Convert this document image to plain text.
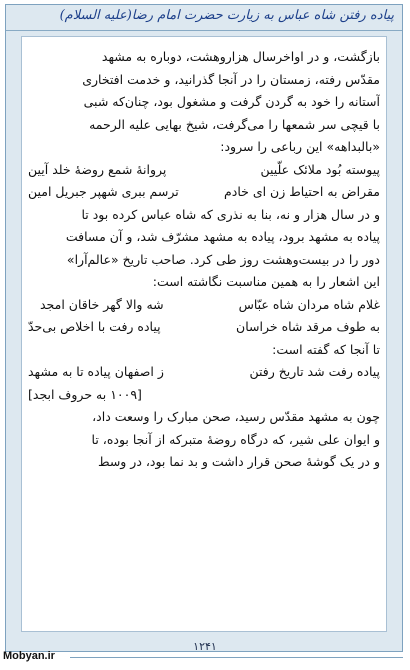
پیاده رفتن شاه عباس به زیارت حضرت امام رضا(علیه السلام)
بازگشت، و در اواخرسال هزاروهشت، دوباره به مشهد
مقدّس رفته، زمستان را در آنجا گذرانید، و خدمت افتخاری
آستانه را خود به گردن گرفت و مشغول بود، چنان‌که شبی
با قیچی سر شمعها را می‌گرفت، شیخ بهایی علیه الرحمه
«بالبداهه» این رباعی را سرود:
پیوسته بُود ملائک علّیین
پروانهٔ شمع روضهٔ خلد آیین
مقراض به احتیاط زن ای خادم
ترسم ببری شهپر جبریل امین
و در سال هزار و نه، بنا به نذری که شاه عباس کرده بود تا
پیاده به مشهد برود، پیاده به مشهد مشرّف شد، و آن مسافت
دور را در بیست‌وهشت روز طی کرد. صاحب تاریخ «عالم‌آرا»
این اشعار را به همین مناسبت نگاشته است:
غلام شاه مردان شاه عبّاس
شه والا گهر خاقان امجد
به طوف مرقد شاه خراسان
پیاده رفت با اخلاص بی‌حدّ
تا آنجا که گفته است:
پیاده رفت شد تاریخ رفتن
ز اصفهان پیاده تا به مشهد
[۱۰۰۹ به حروف ابجد]
چون به مشهد مقدّس رسید، صحن مبارک را وسعت داد،
و ایوان علی شیر، که درگاه روضهٔ متبرکه از آنجا بوده، تا
و در یک گوشهٔ صحن قرار داشت و بد نما بود، در وسط
۱۲۴۱
Mobyan.ir
